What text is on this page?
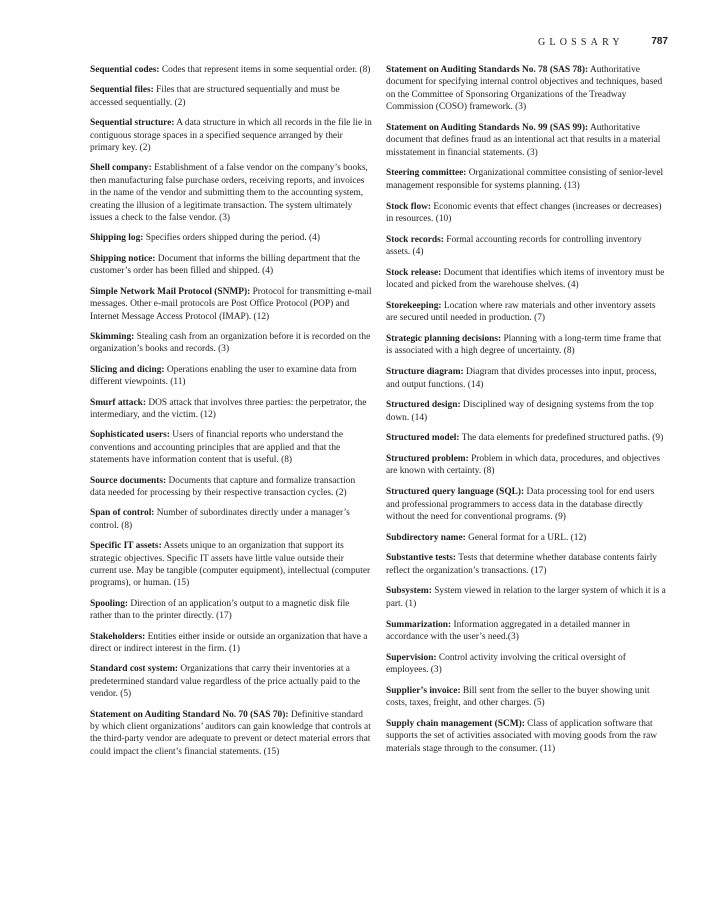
GLOSSARY	787

Sequential codes: Codes that represent items in some sequential order. (8)

Sequential files: Files that are structured sequentially and must be accessed sequentially. (2)

Sequential structure: A data structure in which all records in the file lie in contiguous storage spaces in a specified sequence arranged by their primary key. (2)

Shell company: Establishment of a false vendor on the company’s books, then manufacturing false purchase orders, receiving reports, and invoices in the name of the vendor and submitting them to the accounting system, creating the illusion of a legitimate transaction. The system ultimately issues a check to the false vendor. (3)

Shipping log: Specifies orders shipped during the period. (4)

Shipping notice: Document that informs the billing department that the customer’s order has been filled and shipped. (4)

Simple Network Mail Protocol (SNMP): Protocol for transmitting e-mail messages. Other e-mail protocols are Post Office Protocol (POP) and Internet Message Access Protocol (IMAP). (12)

Skimming: Stealing cash from an organization before it is recorded on the organization’s books and records. (3)

Slicing and dicing: Operations enabling the user to examine data from different viewpoints. (11)

Smurf attack: DOS attack that involves three parties: the perpetrator, the intermediary, and the victim. (12)

Sophisticated users: Users of financial reports who understand the conventions and accounting principles that are applied and that the statements have information content that is useful. (8)

Source documents: Documents that capture and formalize transaction data needed for processing by their respective transaction cycles. (2)

Span of control: Number of subordinates directly under a manager’s control. (8)

Specific IT assets: Assets unique to an organization that support its strategic objectives. Specific IT assets have little value outside their current use. May be tangible (computer equipment), intellectual (computer programs), or human. (15)

Spooling: Direction of an application’s output to a magnetic disk file rather than to the printer directly. (17)

Stakeholders: Entities either inside or outside an organization that have a direct or indirect interest in the firm. (1)

Standard cost system: Organizations that carry their inventories at a predetermined standard value regardless of the price actually paid to the vendor. (5)

Statement on Auditing Standard No. 70 (SAS 70): Definitive standard by which client organizations’ auditors can gain knowledge that controls at the third-party vendor are adequate to prevent or detect material errors that could impact the client’s financial statements. (15)

Statement on Auditing Standards No. 78 (SAS 78): Authoritative document for specifying internal control objectives and techniques, based on the Committee of Sponsoring Organizations of the Treadway Commission (COSO) framework. (3)

Statement on Auditing Standards No. 99 (SAS 99): Authoritative document that defines fraud as an intentional act that results in a material misstatement in financial statements. (3)

Steering committee: Organizational committee consisting of senior-level management responsible for systems planning. (13)

Stock flow: Economic events that effect changes (increases or decreases) in resources. (10)

Stock records: Formal accounting records for controlling inventory assets. (4)

Stock release: Document that identifies which items of inventory must be located and picked from the warehouse shelves. (4)

Storekeeping: Location where raw materials and other inventory assets are secured until needed in production. (7)

Strategic planning decisions: Planning with a long-term time frame that is associated with a high degree of uncertainty. (8)

Structure diagram: Diagram that divides processes into input, process, and output functions. (14)

Structured design: Disciplined way of designing systems from the top down. (14)

Structured model: The data elements for predefined structured paths. (9)

Structured problem: Problem in which data, procedures, and objectives are known with certainty. (8)

Structured query language (SQL): Data processing tool for end users and professional programmers to access data in the database directly without the need for conventional programs. (9)

Subdirectory name: General format for a URL. (12)

Substantive tests: Tests that determine whether database contents fairly reflect the organization’s transactions. (17)

Subsystem: System viewed in relation to the larger system of which it is a part. (1)

Summarization: Information aggregated in a detailed manner in accordance with the user’s need.(3)

Supervision: Control activity involving the critical oversight of employees. (3)

Supplier’s invoice: Bill sent from the seller to the buyer showing unit costs, taxes, freight, and other charges. (5)

Supply chain management (SCM): Class of application software that supports the set of activities associated with moving goods from the raw materials stage through to the consumer. (11)
